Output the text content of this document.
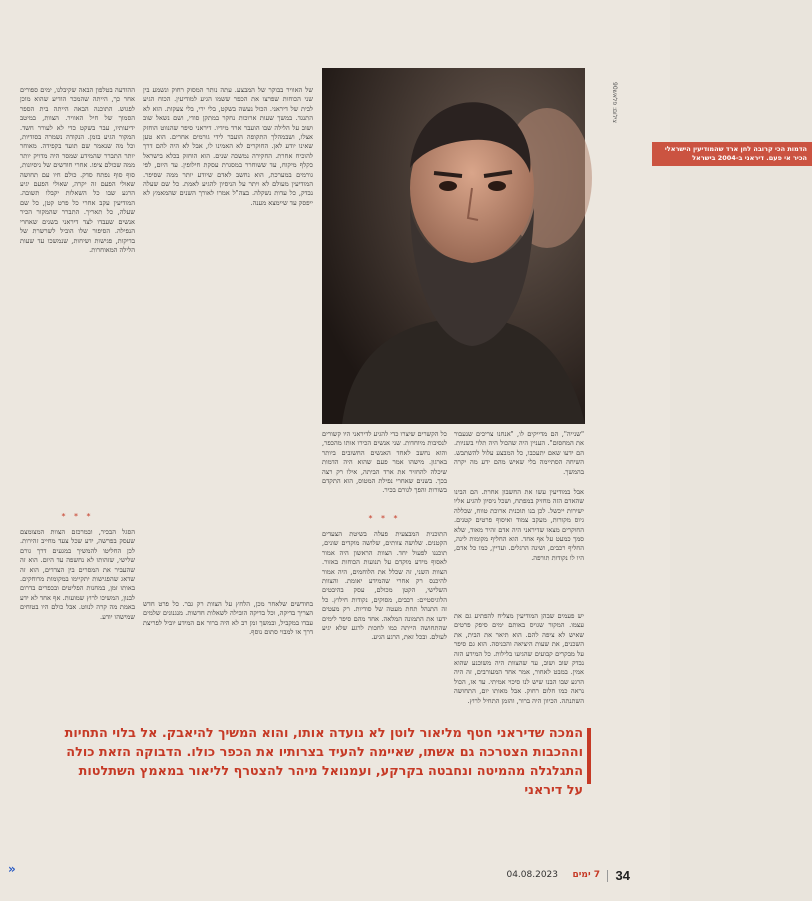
ההודעה בטלפון הבאה שקיבלנו, ימים ספורים אחר כך, הייתה שהמכר הודיע שהוא מוכן לפגוש. התוכנה הבאה הייתה בית הספר הסמוך של חיל האוויר. הצוות, במיטב ידיעותיו, עבר בשקט כדי לא לעורר חשד. המקור הגיע בזמן. הנקודה נשמרה בסודיות, וכל מה שנאמר שם תועד בקפידה. מאוחר יותר התברר שהמידע שמסר היה מדויק יותר ממה שכולם ציפו. אחרי חודשים של ניסיונות, סוף סוף נפתח סדק. כולם חיו עם תחושה שאולי הפעם זה יקרה, שאולי הפעם יגיע הרגע שבו כל השאלות יקבלו תשובה. המודיעין עקב אחרי כל פרט קטן, כל שם שעלה, כל תאריך. התברר שהמקור הכיר אנשים שעבדו לצד דיראני בשנים שאחרי הנפילה. הסיפור שלו הוביל לשרשרת של בדיקות, פגישות ושיחות, שנמשכו עד שעות הלילה המאוחרות.

* * *

הסגל הבכיר, ובמרכזם הצוות המצומצם שעסק בפרשה, ידע שכל צעד מחייב זהירות. לכן החליטו להמשיך במגעים דרך גורם שלישי, שזהותו לא נחשפה עד היום. הוא זה שהעביר את המסרים בין הצדדים, הוא זה שדאג שהפגישות יתקיימו במקומות מרוחקים. באותו זמן, במחנות הפליטים ובכפרים בדרום לבנון, המשיכו לרוץ שמועות. אף אחד לא ידע באמת מה קרה לנווט. אבל כולם היו בטוחים שמישהו יודע.

של האוויר בבוקר של המבצע. עתה נותר המסוק רחוק ונשמע בין שני הכוחות שפרצו את הכפר ששמו הגיע למודיעין. הכוח הגיע לבית של דיראני. הכול נעשה בשקט, בלי ירי, בלי צעקות. הוא לא התנגד. במשך שעות ארוכות נחקר במתקן סודי, ושם נשאל שוב ושוב על הלילה שבו הועבר ארד מידיו. דיראני סיפר שהנווט הוחזק אצלו, ושבמהלך התקופה הועבר לידי גורמים אחרים. הוא טען שאינו יודע לאן. החוקרים לא האמינו לו, אבל לא היה להם דרך להוכיח אחרת. החקירה נמשכה שנים. הוא הוחזק בכלא בישראל כקלף מיקוח, עד ששוחרר במסגרת עסקת חילופין. עד היום, לפי גורמים במערכת, הוא נחשב לאדם שיודע יותר ממה שסיפר. המודיעין מעולם לא ויתר על הניסיון להגיע לאמת. כל שם שעלה נבדק, כל עדות נשקלה. בצה"ל אמרו לאורך השנים שהמאמץ לא ייפסק עד שיימצא מענה.

בחודשים שלאחר מכן, הלחץ על הצוות רק גבר. כל פרט חדש הצריך בדיקה, וכל בדיקה הובילה לשאלות חדשות. מנגנונים שלמים עבדו במקביל, ובמשך זמן רב לא היה ברור אם המידע יוביל לפריצת דרך או למבוי סתום נוסף.

הדמות הכי קרובה לחן ארד שהמודיעין הישראלי הכיר אי פעם. דיראני ב-2004 בישראל
צילום: פלאש90

כל הקשרים שיצרו כדי להגיע לדיראני היו קשורים לנסיבות מיוחדות. שני אנשים הכירו אותו מהכפר, והוא נחשב לאחד האנשים החשובים ביותר בארגון. מישהו אמר פעם שהוא היה הדמות שיכלה להחזיר את ארד הביתה, אילו רק רצה בכך. בשנים שאחרי נפילת המטוס, הוא התקדם בשורות והפך לגורם בכיר.

* * *

התוכנית המבצעית פעלה בשיטת הצעדים הקטנים. שלושה צוותים, שלושה מוקדים שונים, תוכננו לפעול יחד. הצוות הראשון היה אמור לאסוף מידע מוקדם על תנועות הכוחות באזור. הצוות השני, זה שכלל את הלוחמים, היה אמור להיכנס רק אחרי שהמידע יאומת. והצוות השלישי, הקטן מכולם, עסק בהיבטים הלוגיסטיים: רכבים, מסוקים, נקודות חילוץ. כל זה התנהל תחת מעטה של סודיות. רק מעטים ידעו את התמונה המלאה. אחד מהם סיפר לימים שהתחושה הייתה כמו לחכות לרגע שלא יגיע לעולם. ובכל זאת, הרגע הגיע.

"שנייה", הם מדייקים לו, "אנחנו צריכים שנעבור את המחסום". העניין היה שהכול היה תלוי בשניות. הם ידעו שאם יתעכבו, כל המבצע עלול להשתבש. השיחה הסתיימה בלי שאיש מהם ידע מה יקרה בהמשך.

אבל במודיעין עשו את החשבון אחרת. הם הבינו שהאדם הזה מחזיק במפתח, ושכל ניסיון להגיע אליו ישירות ייכשל. לכן בנו תוכנית ארוכת טווח, שכללה גיוס מקורות, מעקב צמוד ואיסוף פרטים קטנים. החוקרים מצאו שדיראני היה אדם זהיר מאוד, שלא סמך כמעט על אף אחד. הוא החליף מקומות לינה, החליף רכבים, ושינה הרגלים. ועדיין, כמו כל אדם, היו לו נקודות תורפה.

יש פעמים שבהן המודיעין מצליח להפתיע גם את עצמו. המקור שגויס באותם ימים סיפק פרטים שאיש לא ציפה להם. הוא תיאר את הבית, את השכנים, את שעות היציאה והכניסה. הוא גם סיפר על מבקרים קבועים שהגיעו בלילות. כל המידע הזה נבדק שוב ושוב, עד שהצוות היה משוכנע שהוא אמין. במבט לאחור, אמר אחד המעורבים, זה היה הרגע שבו הבנו שיש לנו סיכוי אמיתי. עד אז, הכול נראה כמו חלום רחוק. אבל מאותו יום, התחושה השתנתה. הכיוון היה ברור, והזמן התחיל לרוץ.

המכה שדיראני חטף מליאור לוטן לא נועדה אותו, והוא המשיך להיאבק. אל בלוי התחיות וההכבות הצטרכה גם אשתו, שאיימה להעיד בצרותיו את הכפר כולו. הדבוקה הזאת כולה התגלגלה מהמיטה ונחבטה בקרקע, ועמנואל מיהר להצטרף לליאור במאמץ השתלטות על דיראני
»	04.08.2023 7 ימים 34
